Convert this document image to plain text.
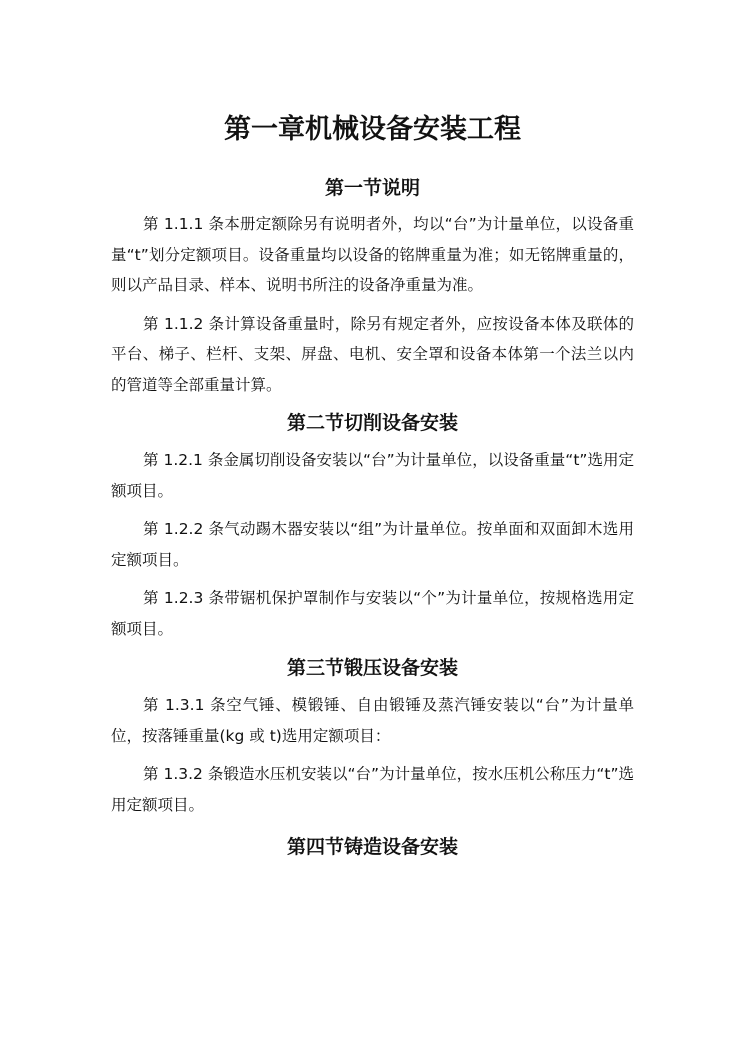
第一章机械设备安装工程
第一节说明

第 1.1.1 条本册定额除另有说明者外，均以“台”为计量单位，以设备重量“t”划分定额项目。设备重量均以设备的铭牌重量为准；如无铭牌重量的，则以产品目录、样本、说明书所注的设备净重量为准。

第 1.1.2 条计算设备重量时，除另有规定者外，应按设备本体及联体的平台、梯子、栏杆、支架、屏盘、电机、安全罩和设备本体第一个法兰以内的管道等全部重量计算。

第二节切削设备安装

第 1.2.1 条金属切削设备安装以“台”为计量单位，以设备重量“t”选用定额项目。

第 1.2.2 条气动踢木器安装以“组”为计量单位。按单面和双面卸木选用定额项目。

第 1.2.3 条带锯机保护罩制作与安装以“个”为计量单位，按规格选用定额项目。

第三节锻压设备安装

第 1.3.1 条空气锤、模锻锤、自由锻锤及蒸汽锤安装以“台”为计量单位，按落锤重量(kg 或 t)选用定额项目：

第 1.3.2 条锻造水压机安装以“台”为计量单位，按水压机公称压力“t”选用定额项目。

第四节铸造设备安装
